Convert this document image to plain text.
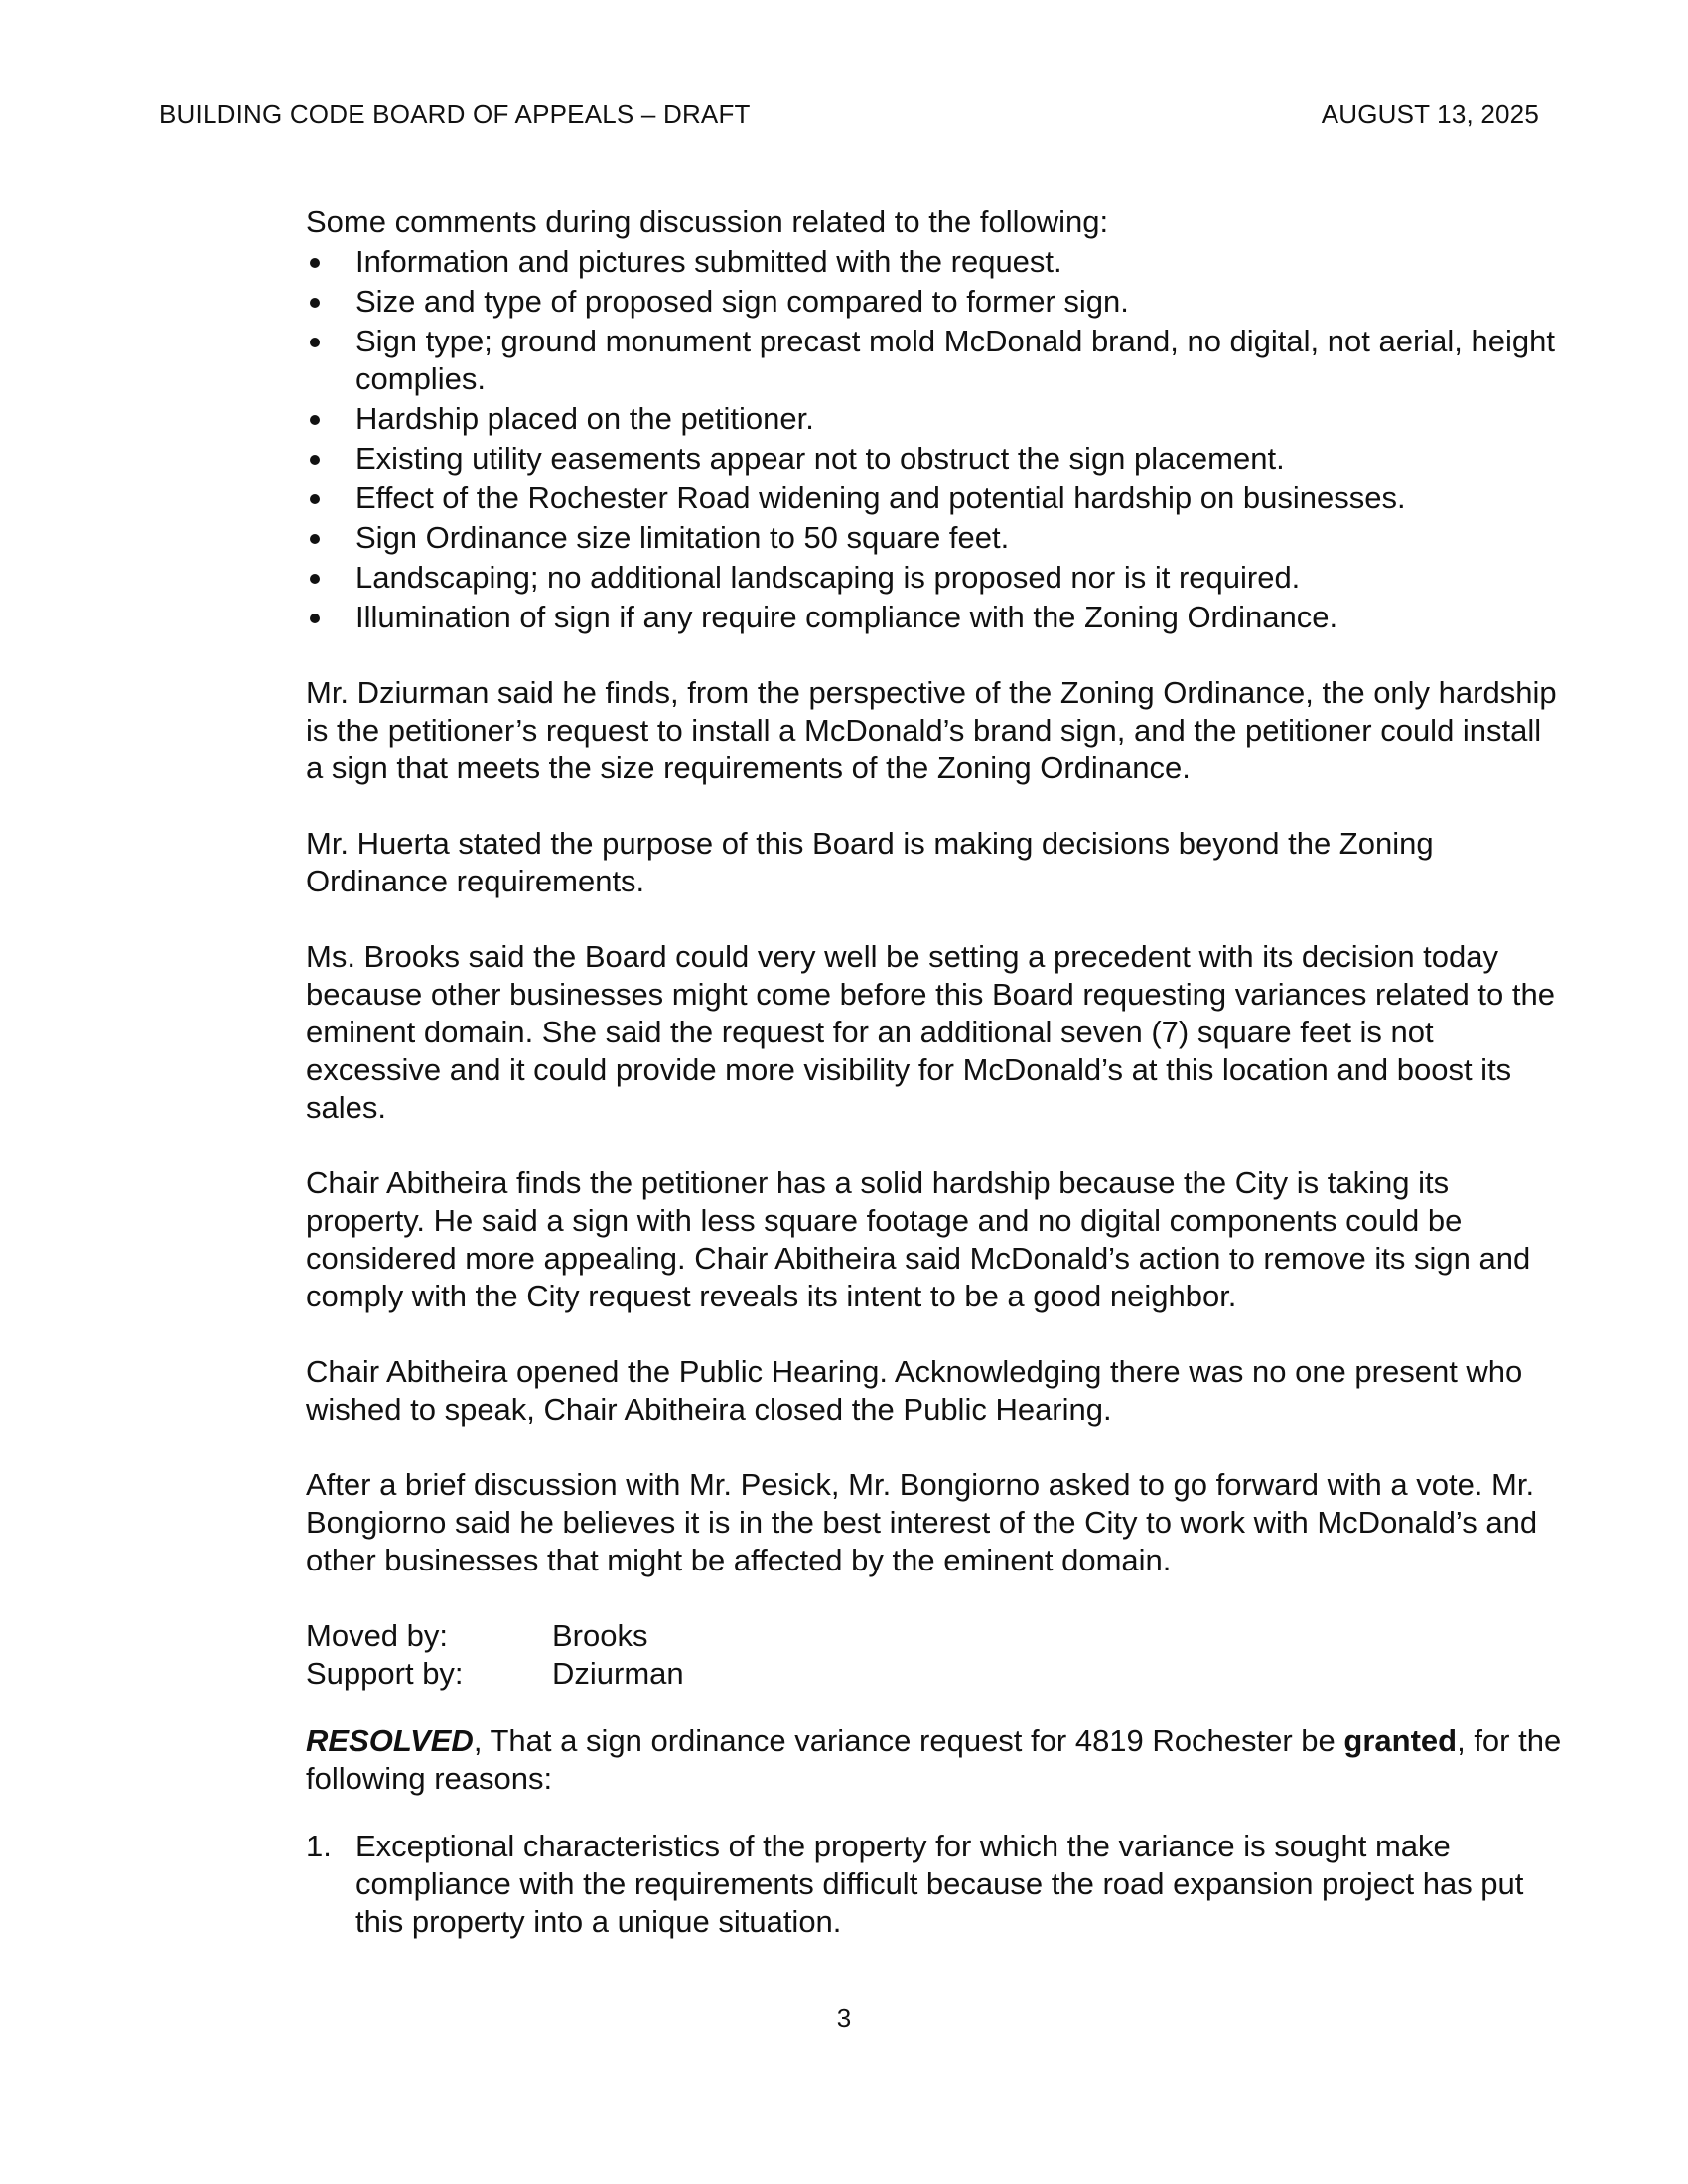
BUILDING CODE BOARD OF APPEALS – DRAFT	AUGUST 13, 2025

Some comments during discussion related to the following:

Information and pictures submitted with the request.
Size and type of proposed sign compared to former sign.
Sign type; ground monument precast mold McDonald brand, no digital, not aerial, height complies.
Hardship placed on the petitioner.
Existing utility easements appear not to obstruct the sign placement.
Effect of the Rochester Road widening and potential hardship on businesses.
Sign Ordinance size limitation to 50 square feet.
Landscaping; no additional landscaping is proposed nor is it required.
Illumination of sign if any require compliance with the Zoning Ordinance.

Mr. Dziurman said he finds, from the perspective of the Zoning Ordinance, the only hardship is the petitioner’s request to install a McDonald’s brand sign, and the petitioner could install a sign that meets the size requirements of the Zoning Ordinance.

Mr. Huerta stated the purpose of this Board is making decisions beyond the Zoning Ordinance requirements.

Ms. Brooks said the Board could very well be setting a precedent with its decision today because other businesses might come before this Board requesting variances related to the eminent domain. She said the request for an additional seven (7) square feet is not excessive and it could provide more visibility for McDonald’s at this location and boost its sales.

Chair Abitheira finds the petitioner has a solid hardship because the City is taking its property. He said a sign with less square footage and no digital components could be considered more appealing. Chair Abitheira said McDonald’s action to remove its sign and comply with the City request reveals its intent to be a good neighbor.

Chair Abitheira opened the Public Hearing. Acknowledging there was no one present who wished to speak, Chair Abitheira closed the Public Hearing.

After a brief discussion with Mr. Pesick, Mr. Bongiorno asked to go forward with a vote. Mr. Bongiorno said he believes it is in the best interest of the City to work with McDonald’s and other businesses that might be affected by the eminent domain.

Moved by:	Brooks
Support by:	Dziurman

RESOLVED, That a sign ordinance variance request for 4819 Rochester be granted, for the following reasons:

1. Exceptional characteristics of the property for which the variance is sought make compliance with the requirements difficult because the road expansion project has put this property into a unique situation.
3
